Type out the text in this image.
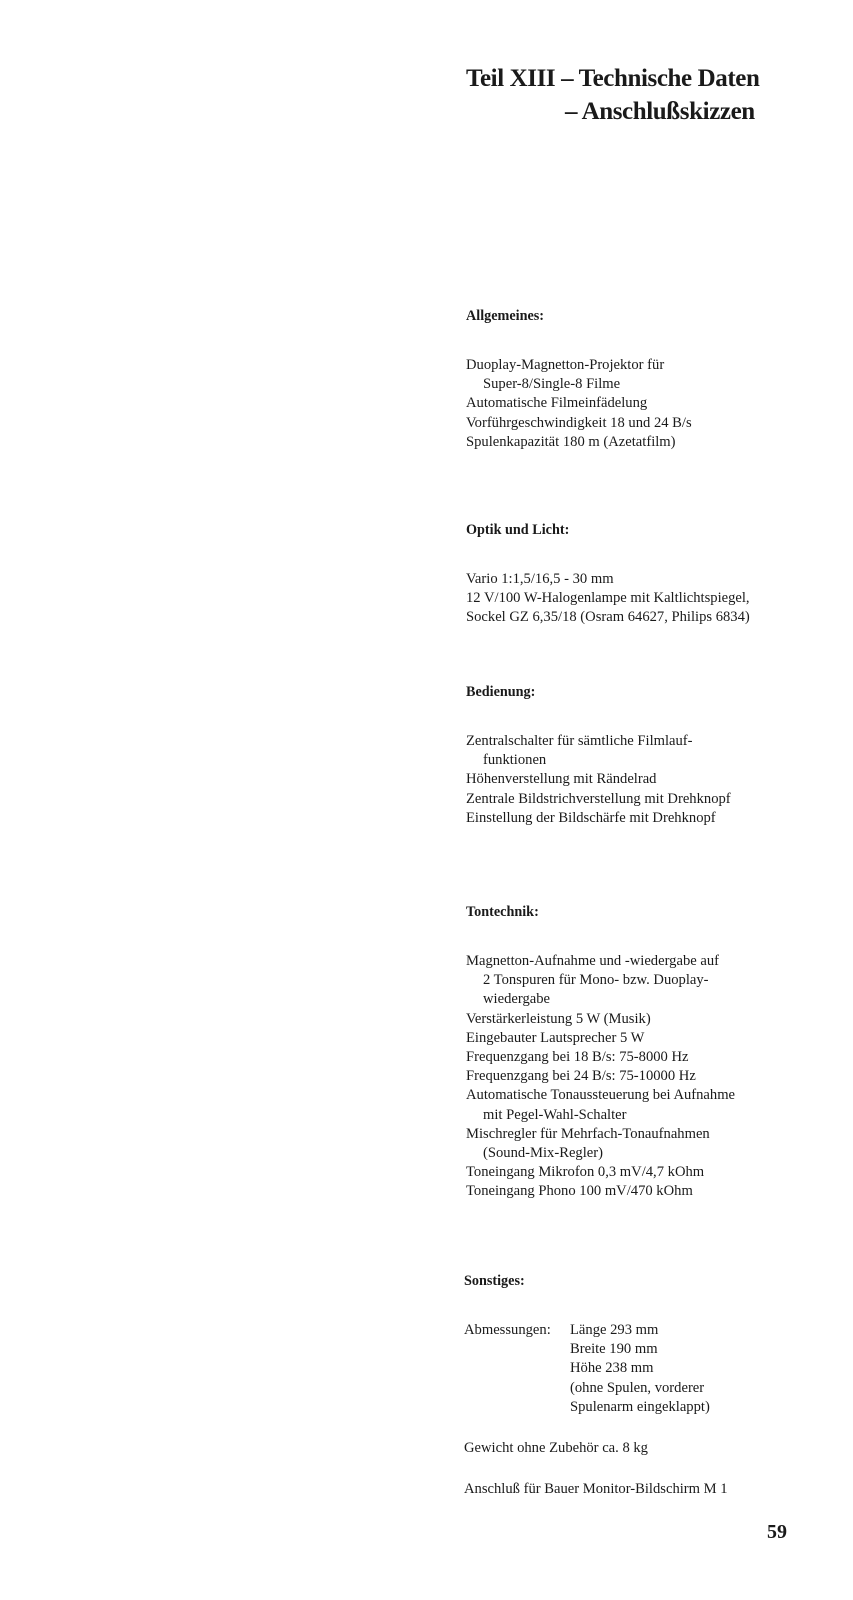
Teil XIII – Technische Daten
– Anschlußskizzen
Allgemeines:
Duoplay-Magnetton-Projektor für
Super-8/Single-8 Filme
Automatische Filmeinfädelung
Vorführgeschwindigkeit 18 und 24 B/s
Spulenkapazität 180 m (Azetatfilm)
Optik und Licht:
Vario 1:1,5/16,5 - 30 mm
12 V/100 W-Halogenlampe mit Kaltlichtspiegel,
Sockel GZ 6,35/18 (Osram 64627, Philips 6834)
Bedienung:
Zentralschalter für sämtliche Filmlauf-
funktionen
Höhenverstellung mit Rändelrad
Zentrale Bildstrichverstellung mit Drehknopf
Einstellung der Bildschärfe mit Drehknopf
Tontechnik:
Magnetton-Aufnahme und -wiedergabe auf
2 Tonspuren für Mono- bzw. Duoplay-
wiedergabe
Verstärkerleistung 5 W (Musik)
Eingebauter Lautsprecher 5 W
Frequenzgang bei 18 B/s: 75-8000 Hz
Frequenzgang bei 24 B/s: 75-10000 Hz
Automatische Tonaussteuerung bei Aufnahme
mit Pegel-Wahl-Schalter
Mischregler für Mehrfach-Tonaufnahmen
(Sound-Mix-Regler)
Toneingang Mikrofon 0,3 mV/4,7 kOhm
Toneingang Phono 100 mV/470 kOhm
Sonstiges:
Abmessungen:	Länge 293 mm
Breite 190 mm
Höhe 238 mm
(ohne Spulen, vorderer
Spulenarm eingeklappt)
Gewicht ohne Zubehör ca. 8 kg
Anschluß für Bauer Monitor-Bildschirm M 1
59
